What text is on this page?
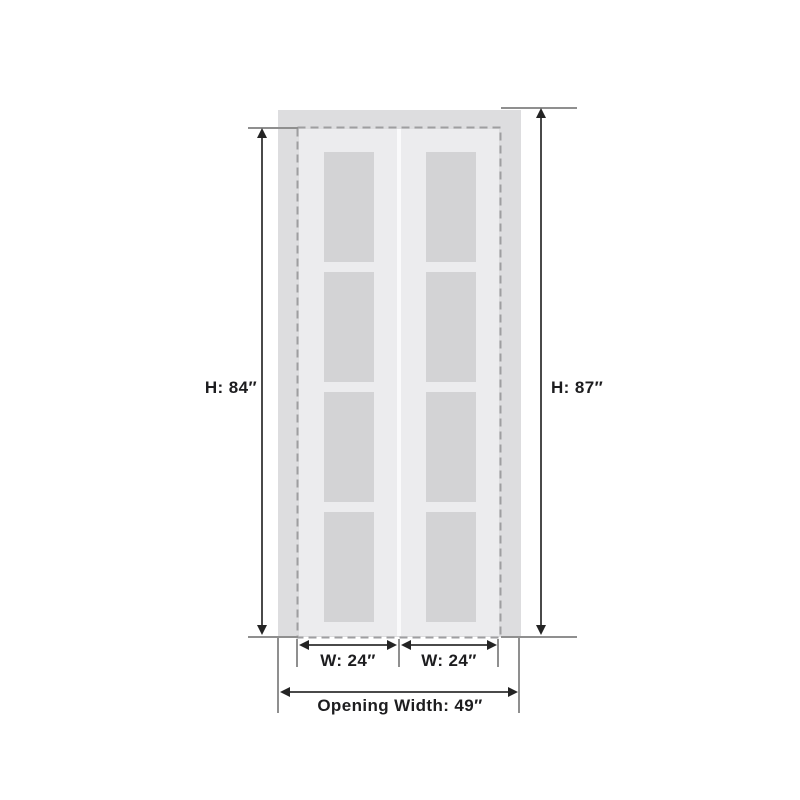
H: 84″	H: 87″
W: 24″	W: 24″
Opening Width: 49″
